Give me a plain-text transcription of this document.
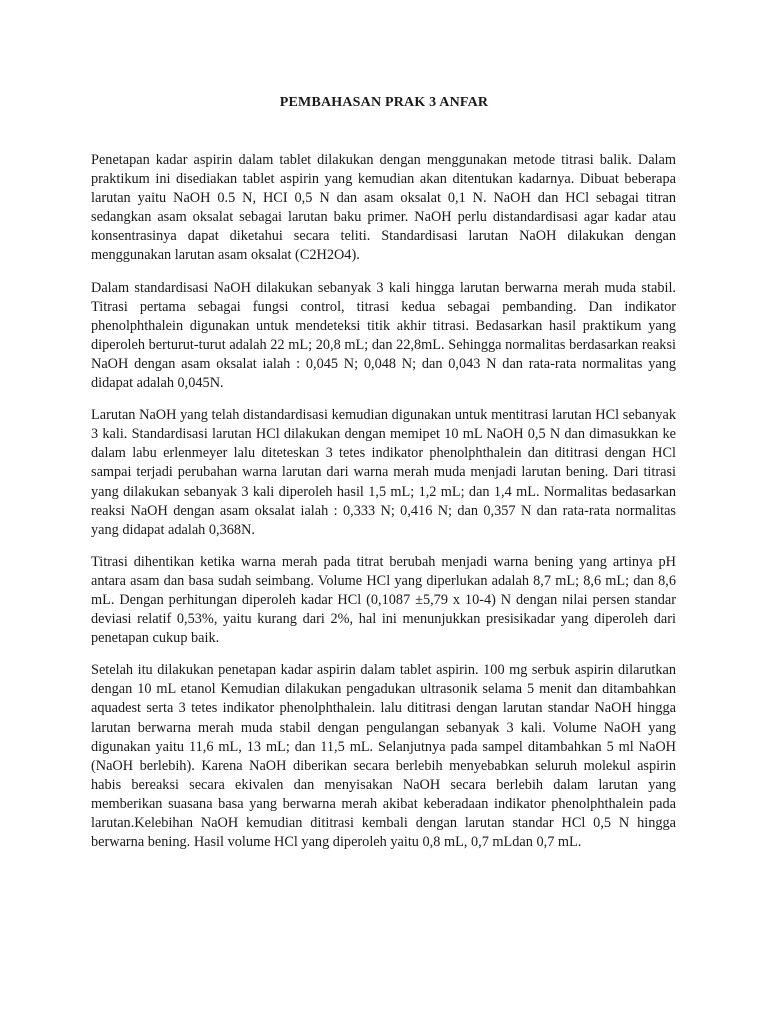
PEMBAHASAN PRAK 3 ANFAR

Penetapan kadar aspirin dalam tablet dilakukan dengan menggunakan metode titrasi balik. Dalam praktikum ini disediakan tablet aspirin yang kemudian akan ditentukan kadarnya. Dibuat beberapa larutan yaitu NaOH 0.5 N, HCI 0,5 N dan asam oksalat 0,1 N. NaOH dan HCl sebagai titran sedangkan asam oksalat sebagai larutan baku primer. NaOH perlu distandardisasi agar kadar atau konsentrasinya dapat diketahui secara teliti. Standardisasi larutan NaOH dilakukan dengan menggunakan larutan asam oksalat (C2H2O4).

Dalam standardisasi NaOH dilakukan sebanyak 3 kali hingga larutan berwarna merah muda stabil. Titrasi pertama sebagai fungsi control, titrasi kedua sebagai pembanding. Dan indikator phenolphthalein digunakan untuk mendeteksi titik akhir titrasi. Bedasarkan hasil praktikum yang diperoleh berturut-turut adalah 22 mL; 20,8 mL; dan 22,8mL. Sehingga normalitas berdasarkan reaksi NaOH dengan asam oksalat ialah : 0,045 N; 0,048 N; dan 0,043 N dan rata-rata normalitas yang didapat adalah 0,045N.

Larutan NaOH yang telah distandardisasi kemudian digunakan untuk mentitrasi larutan HCl sebanyak 3 kali. Standardisasi larutan HCl dilakukan dengan memipet 10 mL NaOH 0,5 N dan dimasukkan ke dalam labu erlenmeyer lalu diteteskan 3 tetes indikator phenolphthalein dan dititrasi dengan HCl sampai terjadi perubahan warna larutan dari warna merah muda menjadi larutan bening. Dari titrasi yang dilakukan sebanyak 3 kali diperoleh hasil 1,5 mL; 1,2 mL; dan 1,4 mL. Normalitas bedasarkan reaksi NaOH dengan asam oksalat ialah : 0,333 N; 0,416 N; dan 0,357 N dan rata-rata normalitas yang didapat adalah 0,368N.

Titrasi dihentikan ketika warna merah pada titrat berubah menjadi warna bening yang artinya pH antara asam dan basa sudah seimbang. Volume HCl yang diperlukan adalah 8,7 mL; 8,6 mL; dan 8,6 mL. Dengan perhitungan diperoleh kadar HCl (0,1087 ±5,79 x 10-4) N dengan nilai persen standar deviasi relatif 0,53%, yaitu kurang dari 2%, hal ini menunjukkan presisikadar yang diperoleh dari penetapan cukup baik.

Setelah itu dilakukan penetapan kadar aspirin dalam tablet aspirin. 100 mg serbuk aspirin dilarutkan dengan 10 mL etanol Kemudian dilakukan pengadukan ultrasonik selama 5 menit dan ditambahkan aquadest serta 3 tetes indikator phenolphthalein. lalu dititrasi dengan larutan standar NaOH hingga larutan berwarna merah muda stabil dengan pengulangan sebanyak 3 kali. Volume NaOH yang digunakan yaitu 11,6 mL, 13 mL; dan 11,5 mL. Selanjutnya pada sampel ditambahkan 5 ml NaOH (NaOH berlebih). Karena NaOH diberikan secara berlebih menyebabkan seluruh molekul aspirin habis bereaksi secara ekivalen dan menyisakan NaOH secara berlebih dalam larutan yang memberikan suasana basa yang berwarna merah akibat keberadaan indikator phenolphthalein pada larutan.Kelebihan NaOH kemudian dititrasi kembali dengan larutan standar HCl 0,5 N hingga berwarna bening. Hasil volume HCl yang diperoleh yaitu 0,8 mL, 0,7 mLdan 0,7 mL.
